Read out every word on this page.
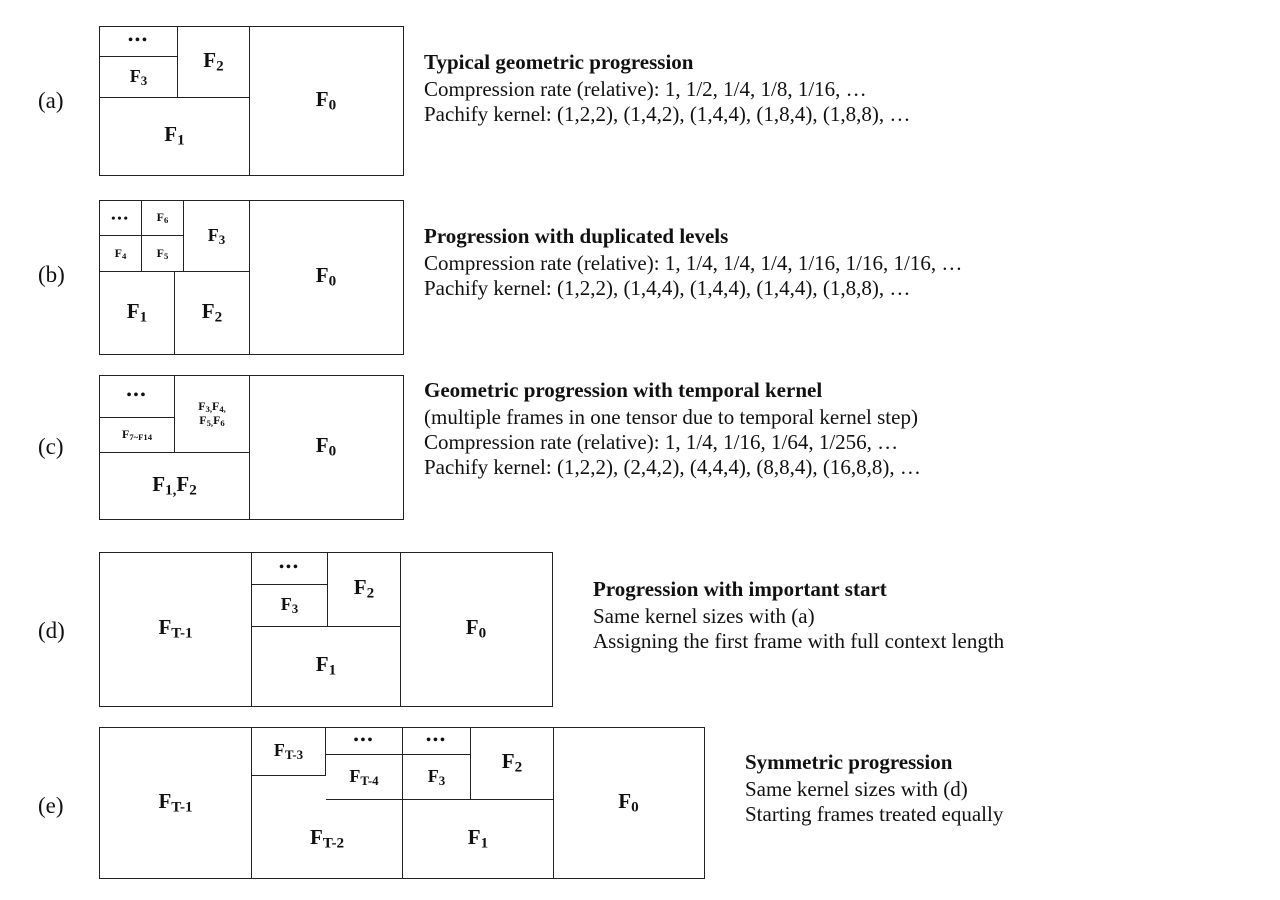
(a)
•••
$F_3$
$F_2$
$F_1$
$F_0$

Typical geometric progression

Compression rate (relative): 1, 1/2, 1/4, 1/8, 1/16, …

Pachify kernel: (1,2,2), (1,4,2), (1,4,4), (1,8,4), (1,8,8), …

(b)
••• $F_6$
$F_4$	$F_5$
$F_3$
$F_1$	$F_2$
$F_0$

Progression with duplicated levels

Compression rate (relative): 1, 1/4, 1/4, 1/4, 1/16, 1/16, 1/16, …

Pachify kernel: (1,2,2), (1,4,4), (1,4,4), (1,4,4), (1,8,8), …

(c)
•••
$F_{7\sim F14}$
$F_{3,}F_{4,}$
$F_{5,}F_6$
$F_{1,}F_2$
$F_0$

Geometric progression with temporal kernel

(multiple frames in one tensor due to temporal kernel step)

Compression rate (relative): 1, 1/4, 1/16, 1/64, 1/256, …

Pachify kernel: (1,2,2), (2,4,2), (4,4,4), (8,8,4), (16,8,8), …

(d)	$F_{T-1}$
•••
$F_3$
$F_2$
$F_1$
$F_0$

Progression with important start

Same kernel sizes with (a)

Assigning the first frame with full context length

(e)	$F_{T-1}$
$F_{T-3}$
•••
$F_{T-4}$
•••
$F_3$
$F_2$
$F_{T-2}$	$F_1$
$F_0$

Symmetric progression

Same kernel sizes with (d)

Starting frames treated equally
